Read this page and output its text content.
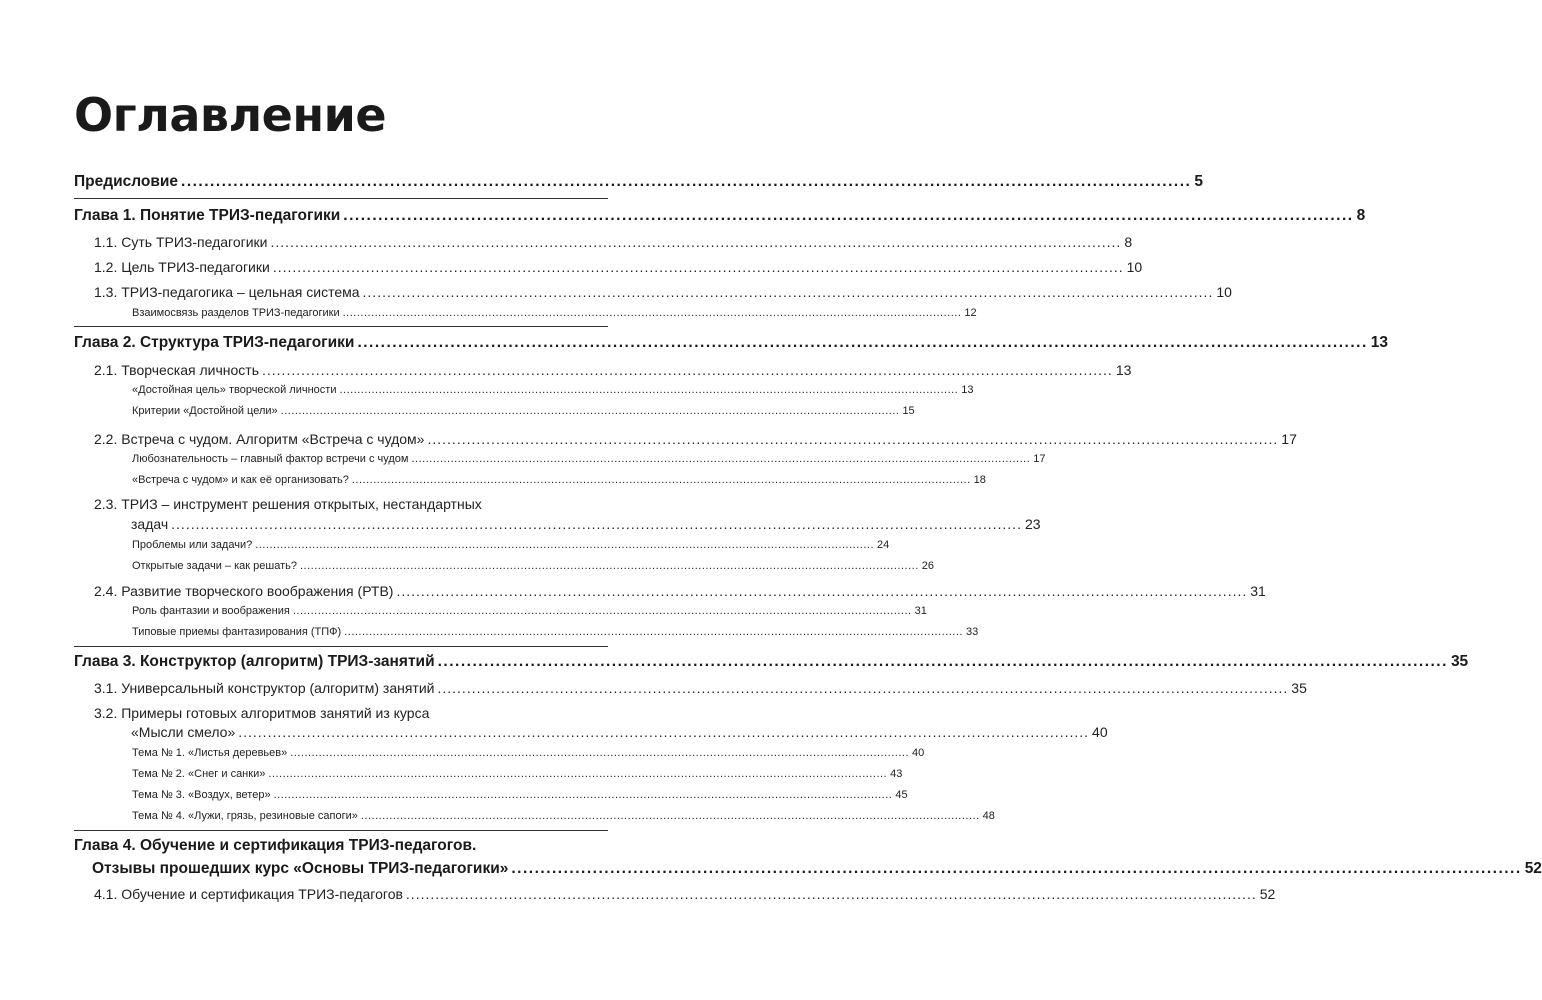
Оглавление
Предисловие .............................................................................................................................................................................. 5
Глава 1. Понятие ТРИЗ-педагогики .............................................................................................................................................................................. 8
1.1. Суть ТРИЗ-педагогики .............................................................................................................................................................................. 8
1.2. Цель ТРИЗ-педагогики .............................................................................................................................................................................. 10
1.3. ТРИЗ-педагогика – цельная система .............................................................................................................................................................................. 10
Взаимосвязь разделов ТРИЗ-педагогики .............................................................................................................................................................................. 12
Глава 2. Структура ТРИЗ-педагогики .............................................................................................................................................................................. 13
2.1. Творческая личность .............................................................................................................................................................................. 13
«Достойная цель» творческой личности .............................................................................................................................................................................. 13
Критерии «Достойной цели» .............................................................................................................................................................................. 15
2.2. Встреча с чудом. Алгоритм «Встреча с чудом» .............................................................................................................................................................................. 17
Любознательность – главный фактор встречи с чудом .............................................................................................................................................................................. 17
«Встреча с чудом» и как её организовать? .............................................................................................................................................................................. 18
2.3. ТРИЗ – инструмент решения открытых, нестандартных
задач .............................................................................................................................................................................. 23
Проблемы или задачи? .............................................................................................................................................................................. 24
Открытые задачи – как решать? .............................................................................................................................................................................. 26
2.4. Развитие творческого воображения (РТВ) .............................................................................................................................................................................. 31
Роль фантазии и воображения .............................................................................................................................................................................. 31
Типовые приемы фантазирования (ТПФ) .............................................................................................................................................................................. 33
Глава 3. Конструктор (алгоритм) ТРИЗ-занятий .............................................................................................................................................................................. 35
3.1. Универсальный конструктор (алгоритм) занятий .............................................................................................................................................................................. 35
3.2. Примеры готовых алгоритмов занятий из курса
«Мысли смело» .............................................................................................................................................................................. 40
Тема № 1. «Листья деревьев» .............................................................................................................................................................................. 40
Тема № 2. «Снег и санки» .............................................................................................................................................................................. 43
Тема № 3. «Воздух, ветер» .............................................................................................................................................................................. 45
Тема № 4. «Лужи, грязь, резиновые сапоги» .............................................................................................................................................................................. 48
Глава 4. Обучение и сертификация ТРИЗ-педагогов.
Отзывы прошедших курс «Основы ТРИЗ-педагогики» .............................................................................................................................................................................. 52
4.1. Обучение и сертификация ТРИЗ-педагогов .............................................................................................................................................................................. 52
